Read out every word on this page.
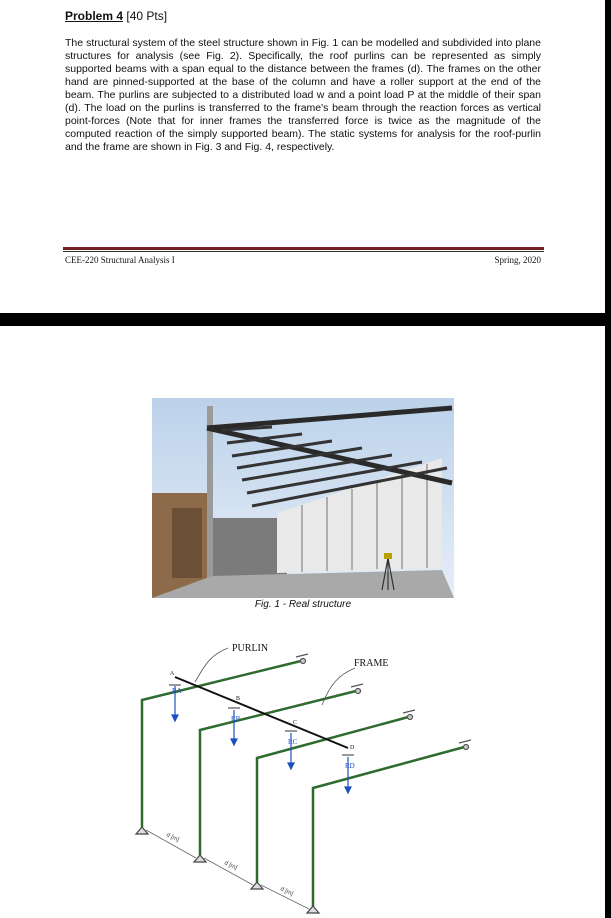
Problem 4 [40 Pts]
The structural system of the steel structure shown in Fig. 1 can be modelled and subdivided into plane structures for analysis (see Fig. 2). Specifically, the roof purlins can be represented as simply supported beams with a span equal to the distance between the frames (d). The frames on the other hand are pinned-supported at the base of the column and have a roller support at the end of the beam. The purlins are subjected to a distributed load w and a point load P at the middle of their span (d). The load on the purlins is transferred to the frame's beam through the reaction forces as vertical point-forces (Note that for inner frames the transferred force is twice as the magnitude of the computed reaction of the simply supported beam). The static systems for analysis for the roof-purlin and the frame are shown in Fig. 3 and Fig. 4, respectively.
CEE-220 Structural Analysis I	Spring, 2020
Fig. 1 - Real structure
d [m]
d [m]
d [m]
A
B
C
D
RA
RB
RC
RD
PURLIN
FRAME
